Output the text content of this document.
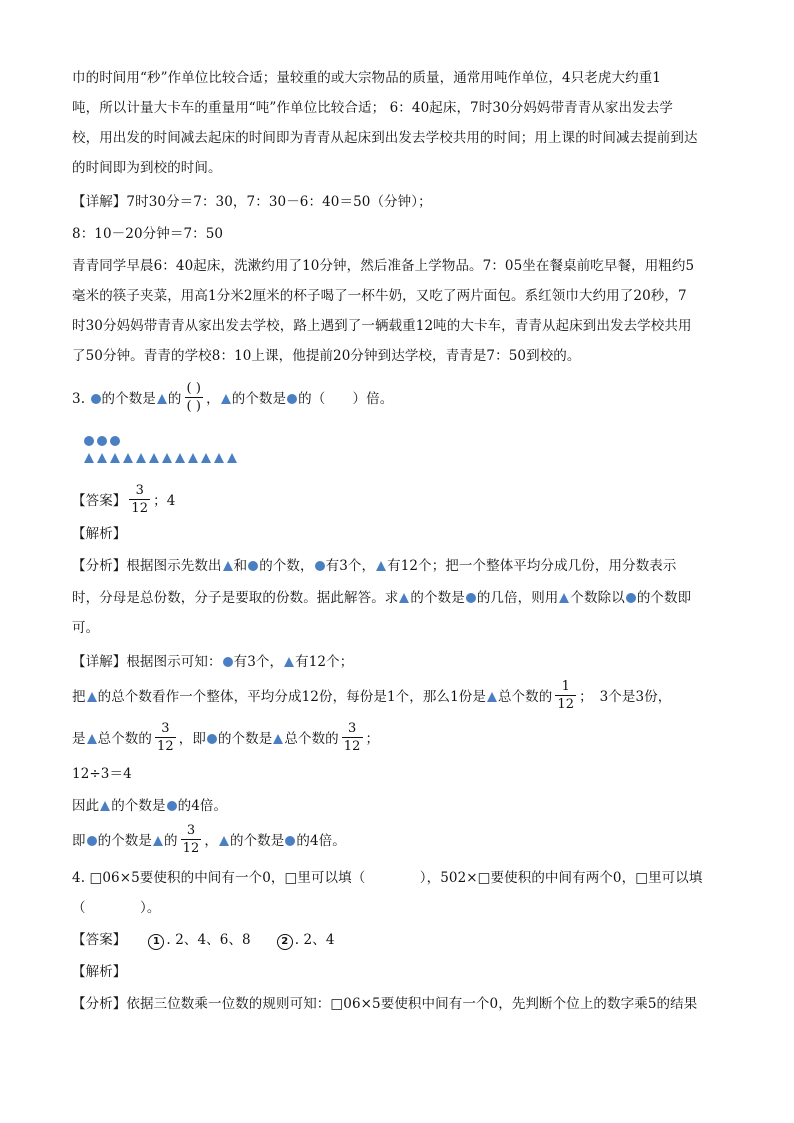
巾的时间用“秒”作单位比较合适；量较重的或大宗物品的质量，通常用吨作单位，4只老虎大约重1
吨，所以计量大卡车的重量用“吨”作单位比较合适； 6：40起床，7时30分妈妈带青青从家出发去学
校，用出发的时间减去起床的时间即为青青从起床到出发去学校共用的时间；用上课的时间减去提前到达
的时间即为到校的时间。
【详解】7时30分＝7：30，7：30－6：40＝50（分钟）；
8：10－20分钟＝7：50
青青同学早晨6：40起床，洗漱约用了10分钟，然后准备上学物品。7：05坐在餐桌前吃早餐，用粗约5
毫米的筷子夹菜，用高1分米2厘米的杯子喝了一杯牛奶，又吃了两片面包。系红领巾大约用了20秒，7
时30分妈妈带青青从家出发去学校，路上遇到了一辆载重12吨的大卡车，青青从起床到出发去学校共用
了50分钟。青青的学校8：10上课，他提前20分钟到达学校，青青是7：50到校的。
3. 的个数是 的 $\frac{( )}{( )}$ ， 的个数是 的（　　）倍。
【答案】 $\frac{3}{12}$ ；4
【解析】
【分析】根据图示先数出 和 的个数， 有3个， 有12个；把一个整体平均分成几份，用分数表示
时，分母是总份数，分子是要取的份数。据此解答。求 的个数是 的几倍，则用 个数除以 的个数即
可。
【详解】根据图示可知： 有3个， 有12个；
把 的总个数看作一个整体，平均分成12份，每份是1个，那么1份是 总个数的 $\frac{1}{12}$ ；　3个是3份，
是 总个数的 $\frac{3}{12}$ ，即 的个数是 总个数的 $\frac{3}{12}$ ；
12÷3＝4
因此 的个数是 的4倍。
即 的个数是 的 $\frac{3}{12}$ ， 的个数是 的4倍。
4. □06×5要使积的中间有一个0，□里可以填（　　　　），502×□要使积的中间有两个0，□里可以填
（　　　　）。
【答案】	1 . 2、4、6、8	2 . 2、4
【解析】
【分析】依据三位数乘一位数的规则可知：□06×5要使积中间有一个0，先判断个位上的数字乘5的结果
